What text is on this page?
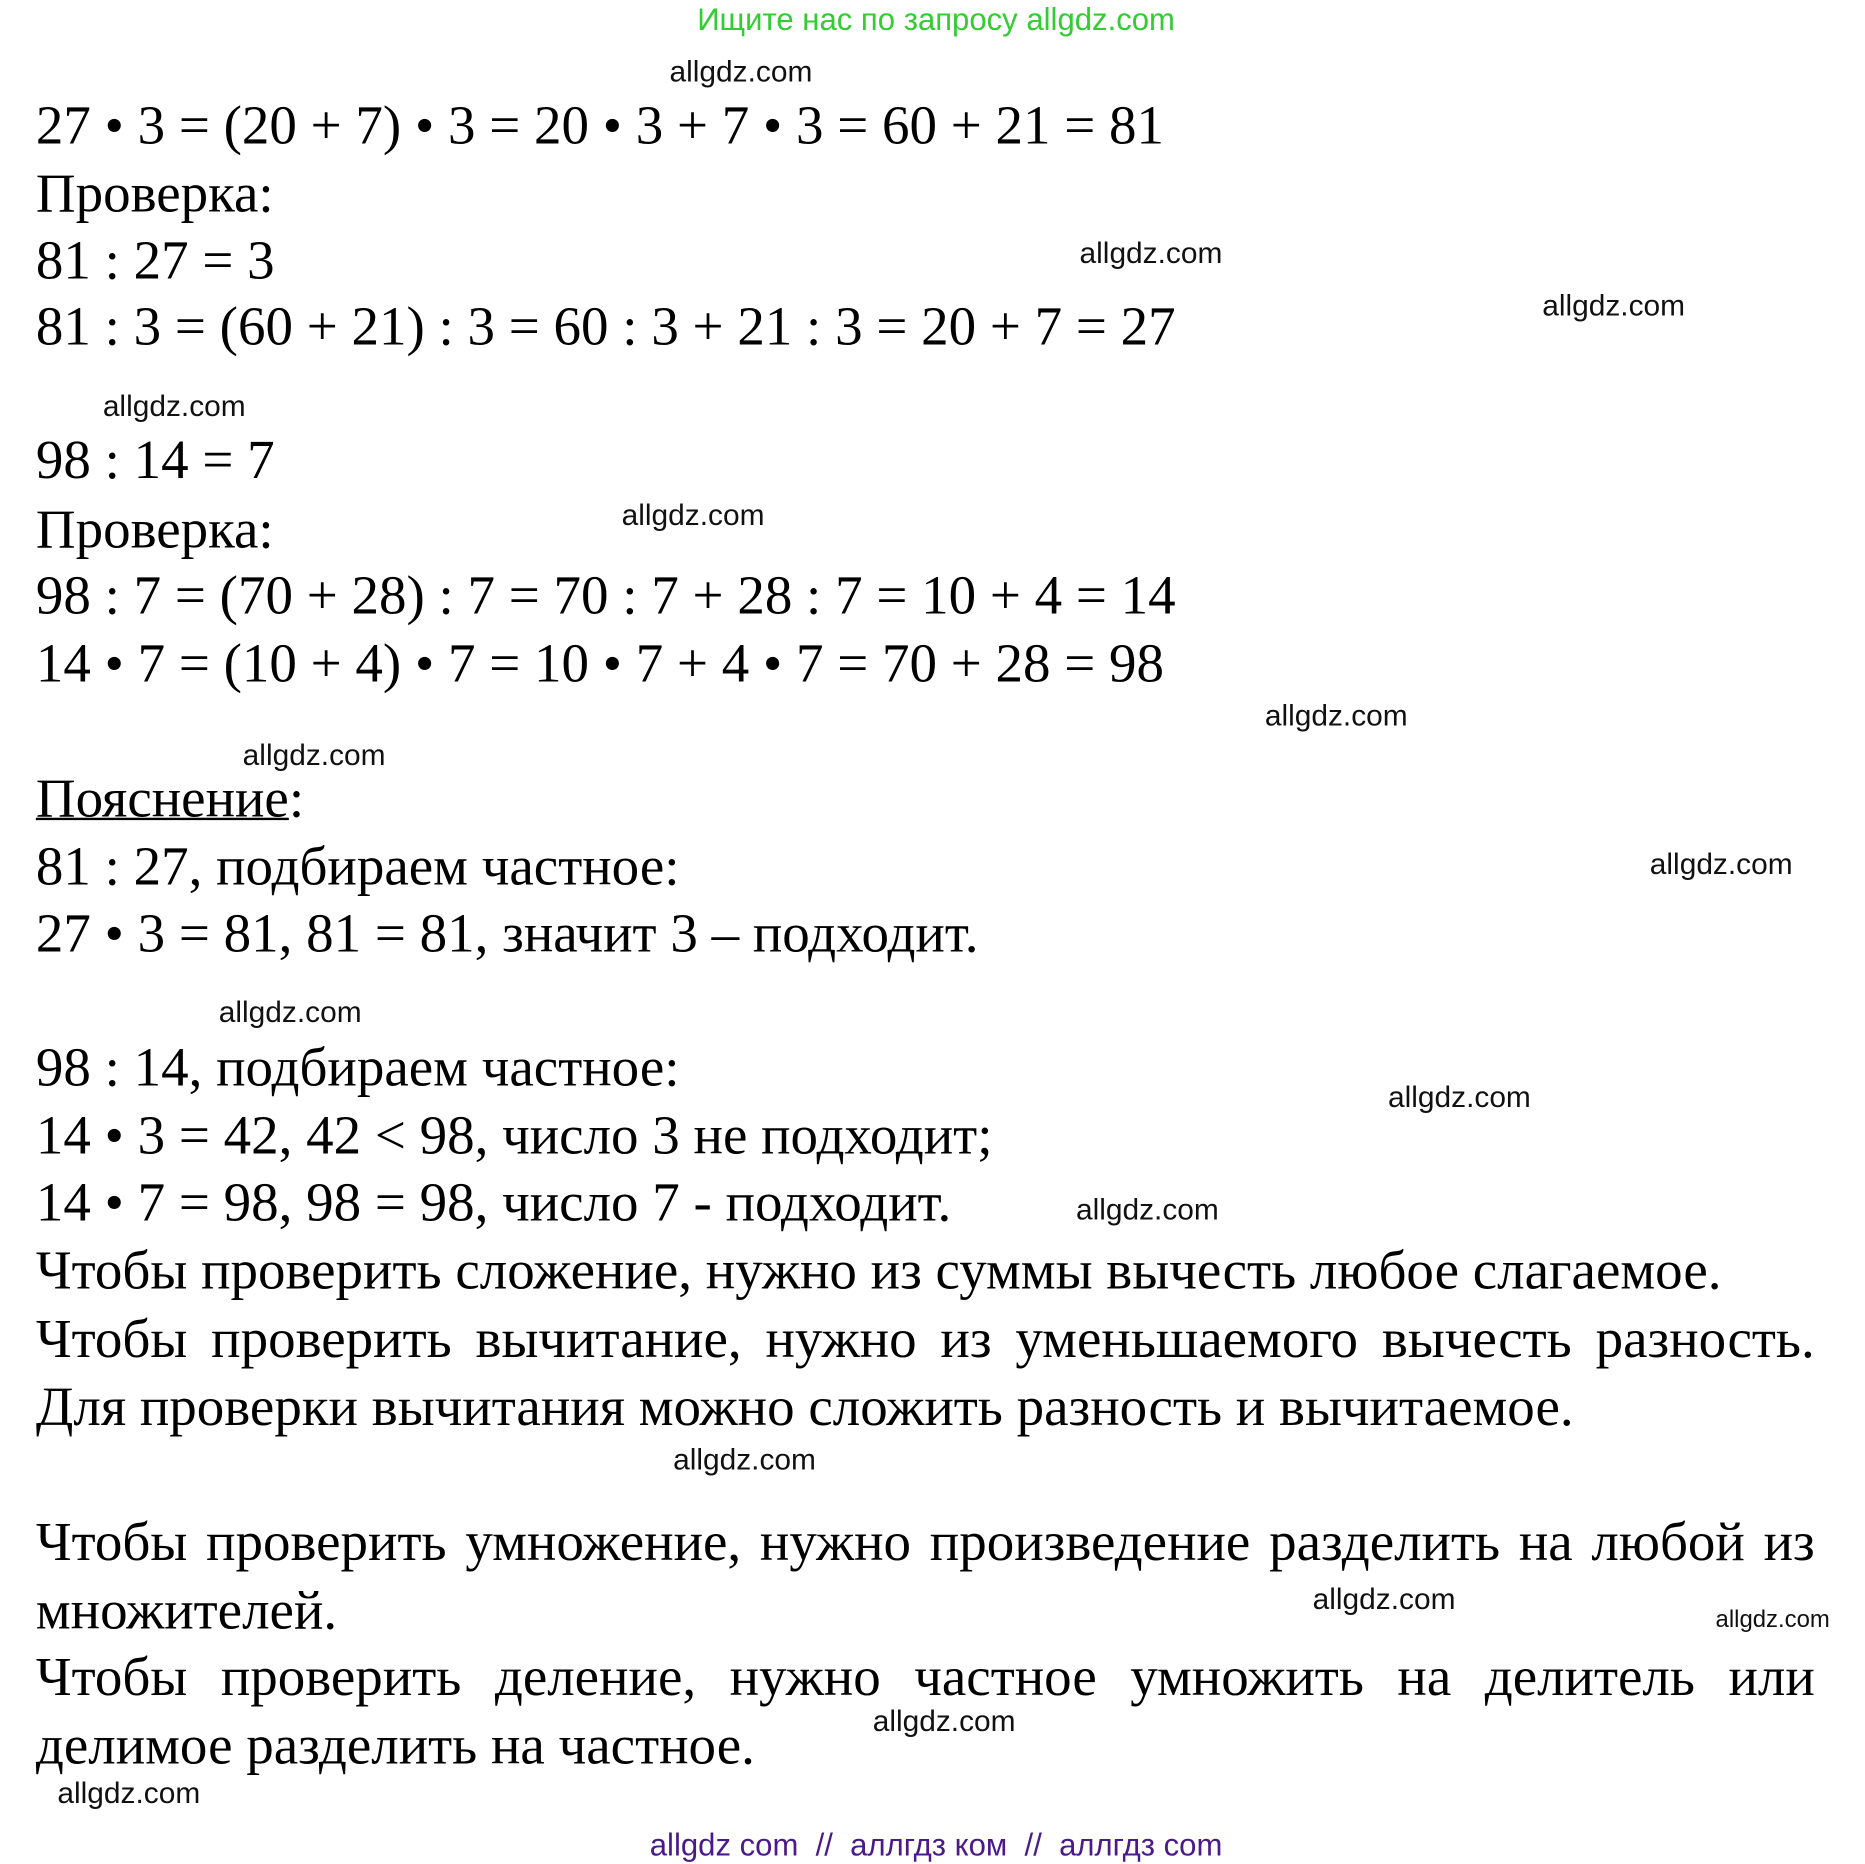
Ищите нас по запросу allgdz.com
27 • 3 = (20 + 7) • 3 = 20 • 3 + 7 • 3 = 60 + 21 = 81
Проверка:
81 : 27 = 3
81 : 3 = (60 + 21) : 3 = 60 : 3 + 21 : 3 = 20 + 7 = 27
98 : 14 = 7
Проверка:
98 : 7 = (70 + 28) : 7 = 70 : 7 + 28 : 7 = 10 + 4 = 14
14 • 7 = (10 + 4) • 7 = 10 • 7 + 4 • 7 = 70 + 28 = 98
Пояснение:
81 : 27, подбираем частное:
27 • 3 = 81, 81 = 81, значит 3 – подходит.
98 : 14, подбираем частное:
14 • 3 = 42, 42 < 98, число 3 не подходит;
14 • 7 = 98, 98 = 98, число 7 - подходит.
Чтобы проверить сложение, нужно из суммы вычесть любое слагаемое.
Чтобы проверить вычитание, нужно из уменьшаемого вычесть разность. Для проверки вычитания можно сложить разность и вычитаемое.
Чтобы проверить умножение, нужно произведение разделить на любой из множителей.
Чтобы проверить деление, нужно частное умножить на делитель или делимое разделить на частное.
allgdz.com
allgdz.com
allgdz.com
allgdz.com
allgdz.com
allgdz.com
allgdz.com
allgdz.com
allgdz.com
allgdz.com
allgdz.com
allgdz.com
allgdz.com
allgdz.com
allgdz.com
allgdz.com
allgdz com  //  аллгдз ком  //  аллгдз com
